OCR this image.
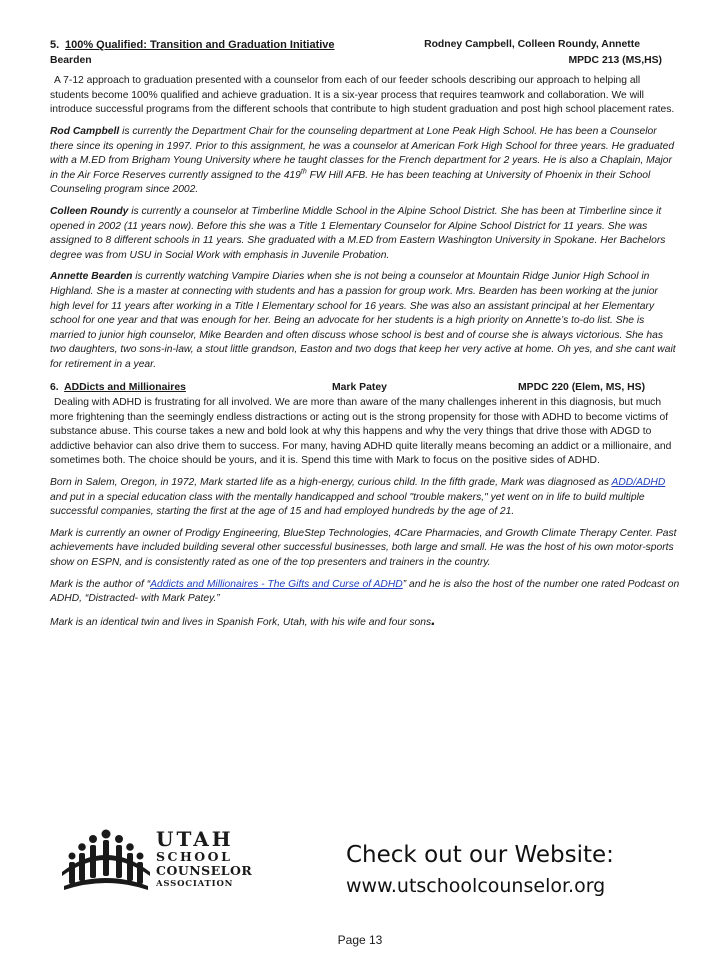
5. 100% Qualified: Transition and Graduation Initiative	Rodney Campbell, Colleen Roundy, Annette
Bearden	MPDC 213 (MS,HS)

A 7-12 approach to graduation presented with a counselor from each of our feeder schools describing our approach to helping all students become 100% qualified and achieve graduation. It is a six-year process that requires teamwork and collaboration. We will introduce successful programs from the different schools that contribute to high student graduation and post high school placement rates.

Rod Campbell is currently the Department Chair for the counseling department at Lone Peak High School. He has been a Counselor there since its opening in 1997. Prior to this assignment, he was a counselor at American Fork High School for three years. He graduated with a M.ED from Brigham Young University where he taught classes for the French department for 2 years. He is also a Chaplain, Major in the Air Force Reserves currently assigned to the 419th FW Hill AFB. He has been teaching at University of Phoenix in their School Counseling program since 2002.

Colleen Roundy is currently a counselor at Timberline Middle School in the Alpine School District. She has been at Timberline since it opened in 2002 (11 years now). Before this she was a Title 1 Elementary Counselor for Alpine School District for 11 years. She was assigned to 8 different schools in 11 years. She graduated with a M.ED from Eastern Washington University in Spokane. Her Bachelors degree was from USU in Social Work with emphasis in Juvenile Probation.

Annette Bearden is currently watching Vampire Diaries when she is not being a counselor at Mountain Ridge Junior High School in Highland. She is a master at connecting with students and has a passion for group work. Mrs. Bearden has been working at the junior high level for 11 years after working in a Title I Elementary school for 16 years. She was also an assistant principal at her Elementary school for one year and that was enough for her. Being an advocate for her students is a high priority on Annette’s to-do list. She is married to junior high counselor, Mike Bearden and often discuss whose school is best and of course she is always victorious. She has two daughters, two sons-in-law, a stout little grandson, Easton and two dogs that keep her very active at home. Oh yes, and she cant wait for retirement in a year.

6. ADDicts and Millionaires	Mark Patey	MPDC 220 (Elem, MS, HS)

Dealing with ADHD is frustrating for all involved. We are more than aware of the many challenges inherent in this diagnosis, but much more frightening than the seemingly endless distractions or acting out is the strong propensity for those with ADHD to become victims of substance abuse. This course takes a new and bold look at why this happens and why the very things that drive those with ADGD to addictive behavior can also drive them to success. For many, having ADHD quite literally means becoming an addict or a millionaire, and sometimes both. The choice should be yours, and it is. Spend this time with Mark to focus on the positive sides of ADHD.

Born in Salem, Oregon, in 1972, Mark started life as a high-energy, curious child. In the fifth grade, Mark was diagnosed as ADD/ADHD and put in a special education class with the mentally handicapped and school "trouble makers," yet went on in life to build multiple successful companies, starting the first at the age of 15 and had employed hundreds by the age of 21.

Mark is currently an owner of Prodigy Engineering, BlueStep Technologies, 4Care Pharmacies, and Growth Climate Therapy Center. Past achievements have included building several other successful businesses, both large and small. He was the host of his own motor-sports show on ESPN, and is consistently rated as one of the top presenters and trainers in the country.

Mark is the author of “Addicts and Millionaires - The Gifts and Curse of ADHD” and he is also the host of the number one rated Podcast on ADHD, “Distracted- with Mark Patey.”

Mark is an identical twin and lives in Spanish Fork, Utah, with his wife and four sons.

UTAH
SCHOOL
COUNSELOR
ASSOCIATION
Check out our Website:
www.utschoolcounselor.org
Page 13
